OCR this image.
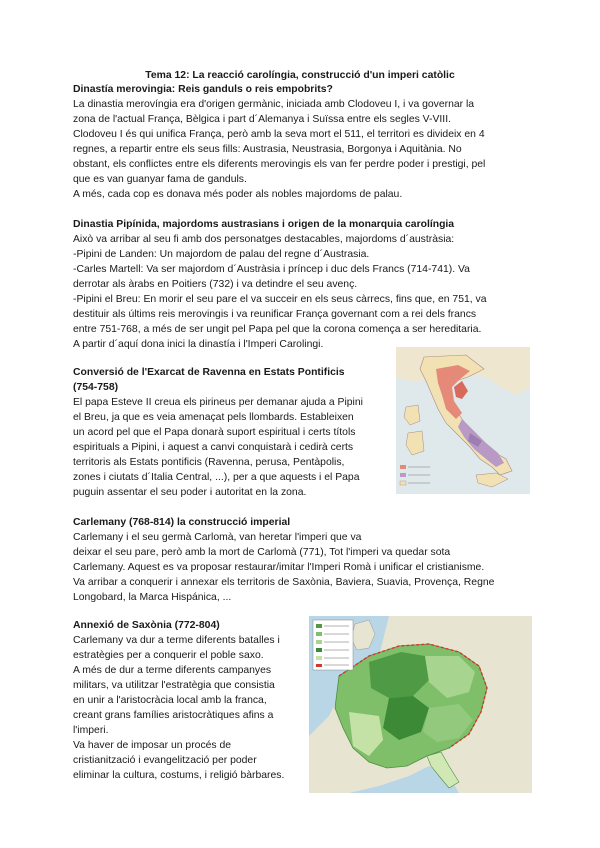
Tema 12: La reacció carolíngia, construcció d'un imperi catòlic
Dinastía merovingia: Reis ganduls o reis empobrits?
La dinastia merovíngia era d'origen germànic, iniciada amb Clodoveu I, i va governar la
zona de l'actual França, Bèlgica i part d´Alemanya i Suïssa entre els segles V-VIII.
Clodoveu I és qui unifica França, però amb la seva mort el 511, el territori es divideix en 4
regnes, a repartir entre els seus fills: Austrasia, Neustrasia, Borgonya i Aquitània. No
obstant, els conflictes entre els diferents merovingis els van fer perdre poder i prestigi, pel
que es van guanyar fama de ganduls.
A més, cada cop es donava més poder als nobles majordoms de palau.
Dinastia Pipínida, majordoms austrasians i origen de la monarquia carolíngia
Això va arribar al seu fi amb dos personatges destacables, majordoms d´austràsia:
-Pipini de Landen: Un majordom de palau del regne d´Austrasia.
-Carles Martell: Va ser majordom d´Austràsia i príncep i duc dels Francs (714-741). Va
derrotar als àrabs en Poitiers (732) i va detindre el seu avenç.
-Pipini el Breu: En morir el seu pare el va succeir en els seus càrrecs, fins que, en 751, va
destituir als últims reis merovingis i va reunificar França governant com a rei dels francs
entre 751-768, a més de ser ungit pel Papa pel que la corona comença a ser hereditaria.
A partir d´aquí dona inici la dinastía i l'Imperi Carolingi.
Conversió de l'Exarcat de Ravenna en Estats Pontificis
(754-758)
El papa Esteve II creua els pirineus per demanar ajuda a Pipini
el Breu, ja que es veia amenaçat pels llombards. Estableixen
un acord pel que el Papa donarà suport espiritual i certs títols
espirituals a Pipini, i aquest a canvi conquistarà i cedirà certs
territoris als Estats pontificis (Ravenna, perusa, Pentàpolis,
zones i ciutats d´Italia Central, ...), per a que aquests i el Papa
puguin assentar el seu poder i autoritat en la zona.
Carlemany (768-814) la construcció imperial
Carlemany i el seu germà Carlomà, van heretar l'imperi que va
deixar el seu pare, però amb la mort de Carlomà (771), Tot l'imperi va quedar sota
Carlemany. Aquest es va proposar restaurar/imitar l'Imperi Romà i unificar el cristianisme.
Va arribar a conquerir i annexar els territoris de Saxònia, Baviera, Suavia, Provença, Regne
Longobard, la Marca Hispánica, ...
Annexió de Saxònia (772-804)
Carlemany va dur a terme diferents batalles i
estratègies per a conquerir el poble saxo.
A més de dur a terme diferents campanyes
militars, va utilitzar l'estratègia que consistia
en unir a l'aristocràcia local amb la franca,
creant grans famílies aristocràtiques afins a
l'imperi.
Va haver de imposar un procés de
cristianització i evangelització per poder
eliminar la cultura, costums, i religió bàrbares.
